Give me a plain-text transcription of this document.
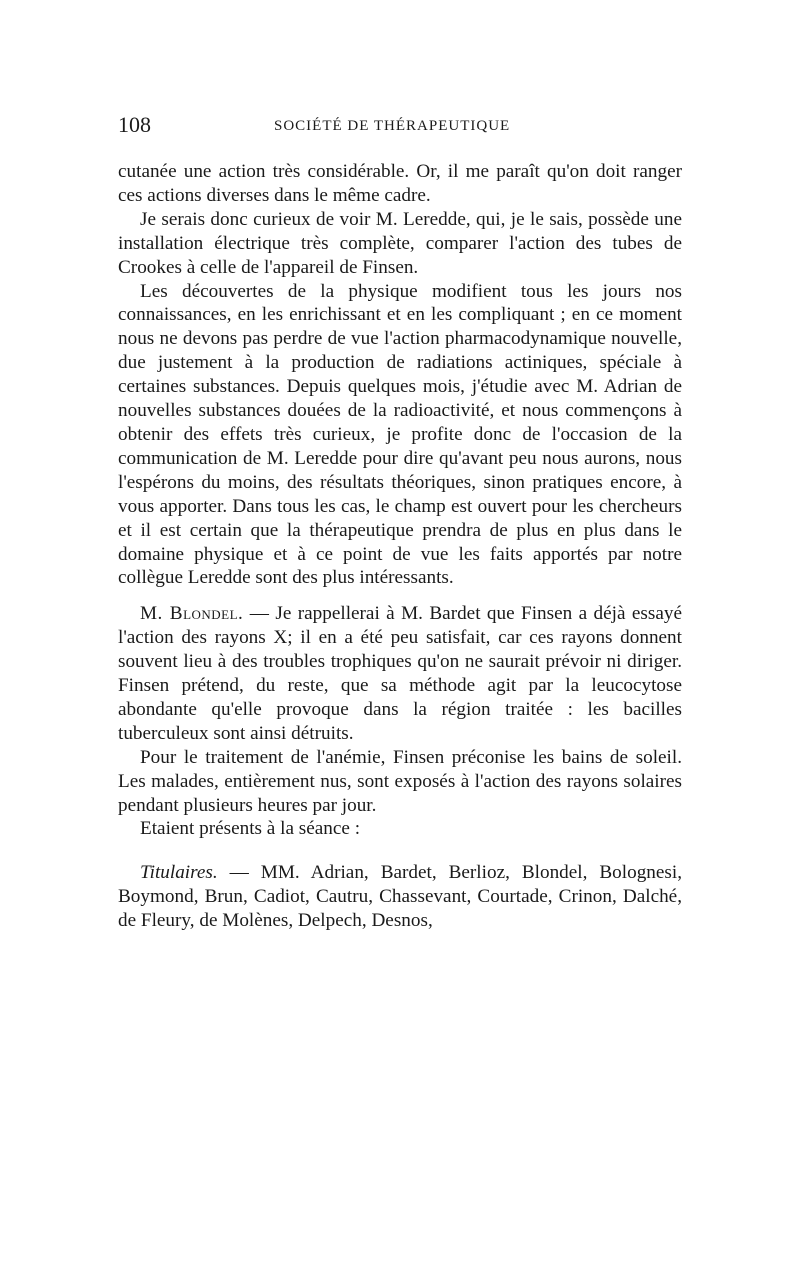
108	SOCIÉTÉ DE THÉRAPEUTIQUE

cutanée une action très considérable. Or, il me paraît qu'on doit ranger ces actions diverses dans le même cadre.

Je serais donc curieux de voir M. Leredde, qui, je le sais, possède une installation électrique très complète, comparer l'action des tubes de Crookes à celle de l'appareil de Finsen.

Les découvertes de la physique modifient tous les jours nos connaissances, en les enrichissant et en les compliquant ; en ce moment nous ne devons pas perdre de vue l'action pharmacodynamique nouvelle, due justement à la production de radiations actiniques, spéciale à certaines substances. Depuis quelques mois, j'étudie avec M. Adrian de nouvelles substances douées de la radioactivité, et nous commençons à obtenir des effets très curieux, je profite donc de l'occasion de la communication de M. Leredde pour dire qu'avant peu nous aurons, nous l'espérons du moins, des résultats théoriques, sinon pratiques encore, à vous apporter. Dans tous les cas, le champ est ouvert pour les chercheurs et il est certain que la thérapeutique prendra de plus en plus dans le domaine physique et à ce point de vue les faits apportés par notre collègue Leredde sont des plus intéressants.

M. Blondel. — Je rappellerai à M. Bardet que Finsen a déjà essayé l'action des rayons X; il en a été peu satisfait, car ces rayons donnent souvent lieu à des troubles trophiques qu'on ne saurait prévoir ni diriger. Finsen prétend, du reste, que sa méthode agit par la leucocytose abondante qu'elle provoque dans la région traitée : les bacilles tuberculeux sont ainsi détruits.

Pour le traitement de l'anémie, Finsen préconise les bains de soleil. Les malades, entièrement nus, sont exposés à l'action des rayons solaires pendant plusieurs heures par jour.

Etaient présents à la séance :

Titulaires. — MM. Adrian, Bardet, Berlioz, Blondel, Bolognesi, Boymond, Brun, Cadiot, Cautru, Chassevant, Courtade, Crinon, Dalché, de Fleury, de Molènes, Delpech, Desnos,
